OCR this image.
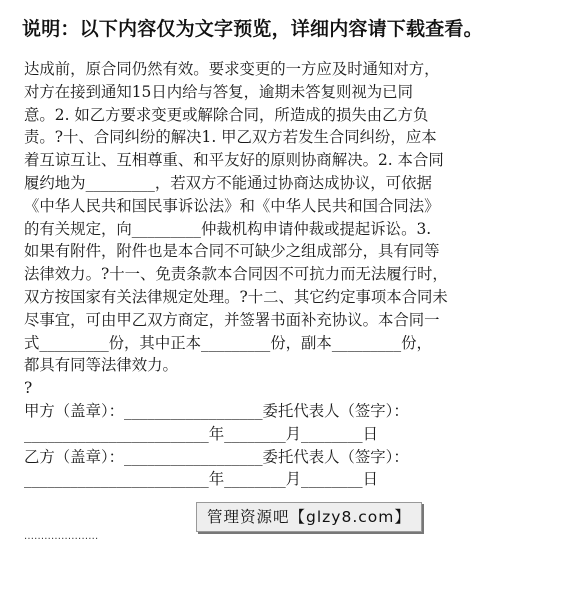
说明：以下内容仅为文字预览，详细内容请下载查看。
达成前，原合同仍然有效。要求变更的一方应及时通知对方，
对方在接到通知15日内给与答复，逾期未答复则视为已同
意。2. 如乙方要求变更或解除合同，所造成的损失由乙方负
责。?十、合同纠纷的解决1. 甲乙双方若发生合同纠纷，应本
着互谅互让、互相尊重、和平友好的原则协商解决。2. 本合同
履约地为_________，若双方不能通过协商达成协议，可依据
《中华人民共和国民事诉讼法》和《中华人民共和国合同法》
的有关规定，向_________仲裁机构申请仲裁或提起诉讼。3.
如果有附件，附件也是本合同不可缺少之组成部分，具有同等
法律效力。?十一、免责条款本合同因不可抗力而无法履行时，
双方按国家有关法律规定处理。?十二、其它约定事项本合同未
尽事宜，可由甲乙双方商定，并签署书面补充协议。本合同一
式_________份，其中正本_________份，副本_________份，
都具有同等法律效力。
?
甲方（盖章）：__________________委托代表人（签字）：
________________________年________月________日
乙方（盖章）：__________________委托代表人（签字）：
________________________年________月________日
管理资源吧【glzy8.com】
······················
